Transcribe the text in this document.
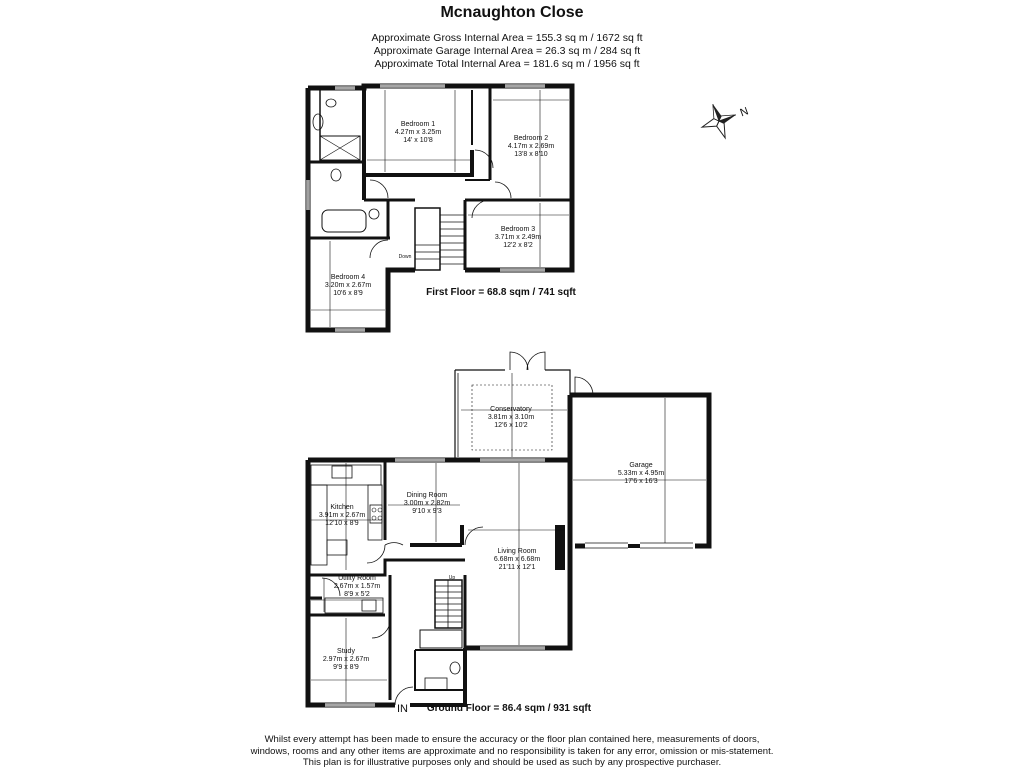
Mcnaughton Close
Approximate Gross Internal Area = 155.3 sq m / 1672 sq ft
Approximate Garage Internal Area = 26.3 sq m / 284 sq ft
Approximate Total Internal Area = 181.6 sq m / 1956 sq ft
N
Bedroom 1
4.27m x 3.25m
14' x 10'8	Bedroom 2
4.17m x 2.69m
13'8 x 8'10
Bedroom 3
3.71m x 2.49m
12'2 x 8'2
Bedroom 4
3.20m x 2.67m
10'6 x 8'9
Down
First Floor = 68.8 sqm / 741 sqft
Conservatory
3.81m x 3.10m
12'6 x 10'2
Garage
5.33m x 4.95m
17'6 x 16'3
Kitchen
3.91m x 2.67m
12'10 x 8'9
Dining Room
3.00m x 2.82m
9'10 x 9'3
Living Room
6.68m x 6.68m
21'11 x 12'1
Utility Room
2.67m x 1.57m
8'9 x 5'2
Study
2.97m x 2.67m
9'9 x 8'9
Up
IN Ground Floor = 86.4 sqm / 931 sqft
Whilst every attempt has been made to ensure the accuracy or the floor plan contained here, measurements of doors,
windows, rooms and any other items are approximate and no responsibility is taken for any error, omission or mis-statement.
This plan is for illustrative purposes only and should be used as such by any prospective purchaser.
